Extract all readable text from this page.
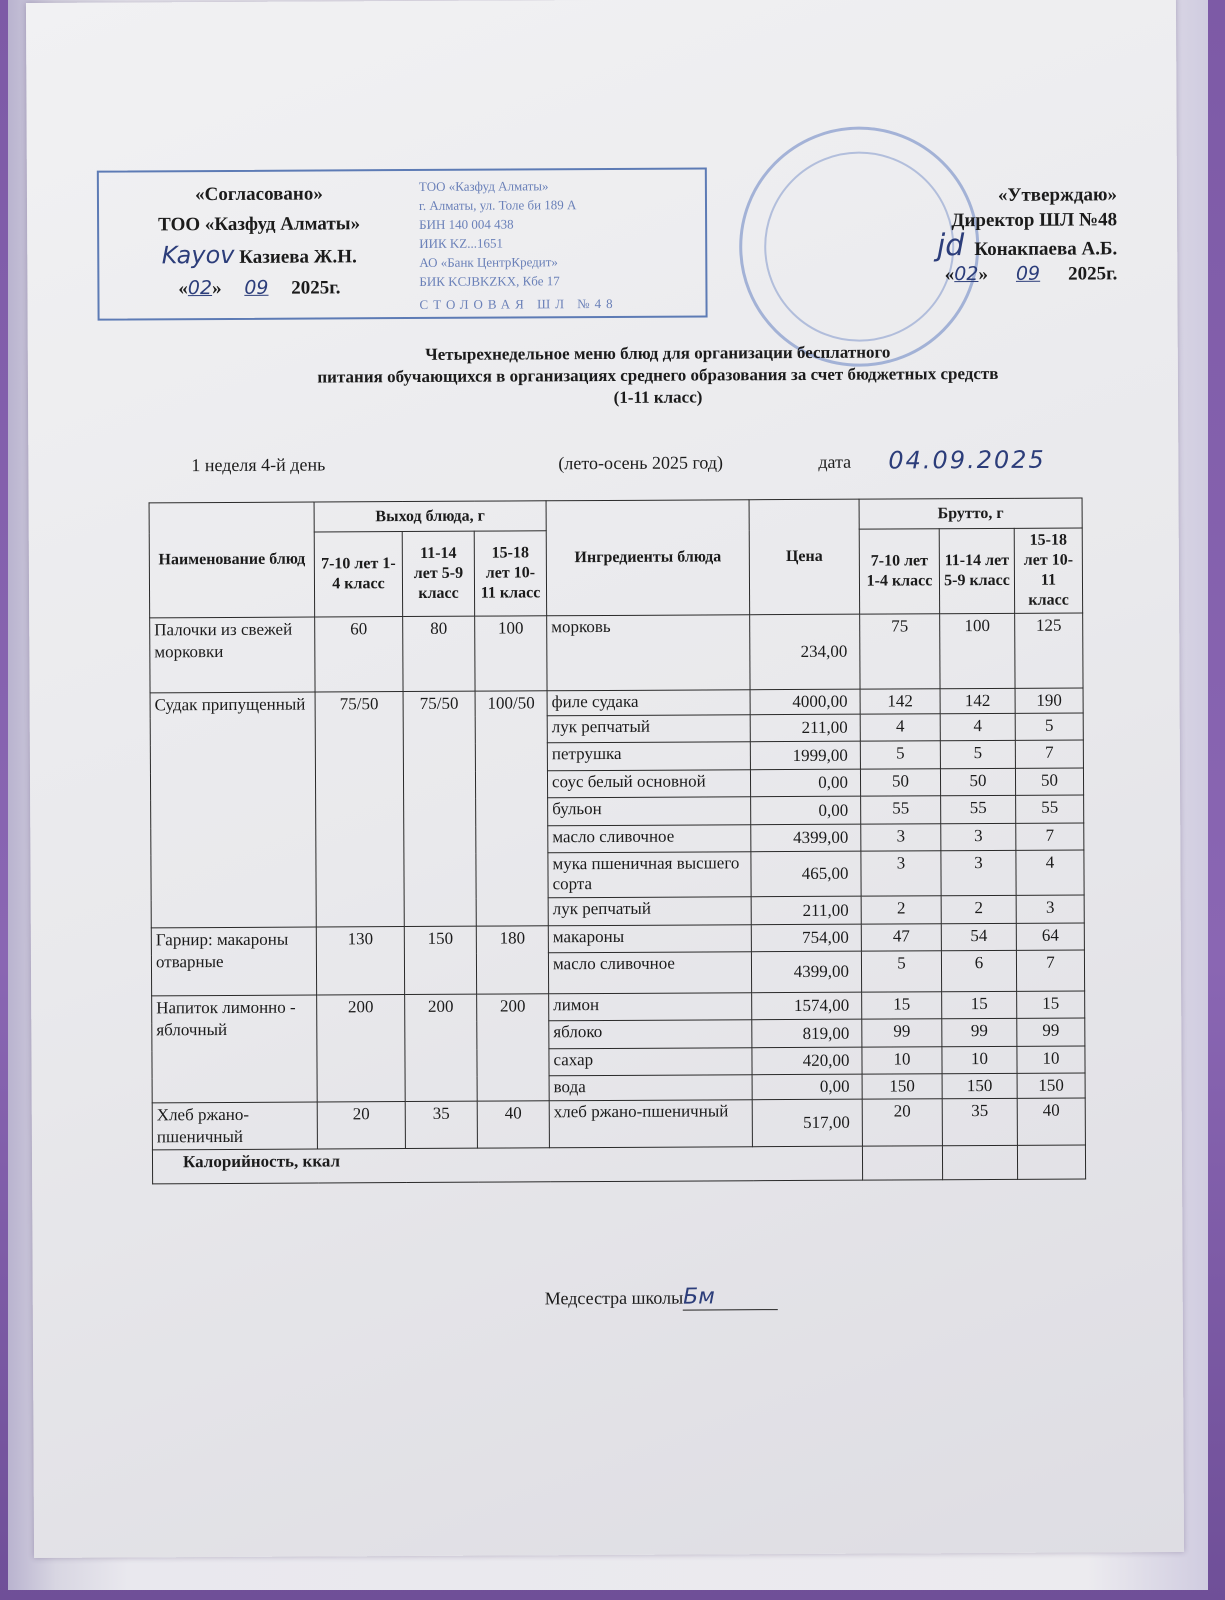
«Согласовано»
ТОО «Казфуд Алматы»
Kayov Казиева Ж.Н.
«02» 09 2025г.
ТОО «Казфуд Алматы»
г. Алматы, ул. Толе би 189 А
БИН 140 004 438
ИИК KZ...1651
АО «Банк ЦентрКредит»
БИК KCJBKZKX, Кбе 17
СТОЛОВАЯ ШЛ №48
«Утверждаю»
Директор ШЛ №48
jd Конакпаева А.Б.
«02» 09 2025г.
Четырехнедельное меню блюд для организации бесплатного
питания обучающихся в организациях среднего образования за счет бюджетных средств
(1-11 класс)
1 неделя 4-й день	(лето-осень 2025 год)	дата 04.09.2025
Наименование блюд	Выход блюда, г			Ингредиенты блюда	Цена	Брутто, г		
	7-10 лет 1-4 класс	11-14 лет 5-9 класс	15-18 лет 10-11 класс			7-10 лет 1-4 класс	11-14 лет 5-9 класс	15-18 лет 10-11 класс
Палочки из свежей морковки	60	80	100	морковь	234,00	75	100	125
Судак припущенный	75/50	75/50	100/50	филе судака	4000,00	142	142	190
				лук репчатый	211,00	4	4	5
				петрушка	1999,00	5	5	7
				соус белый основной	0,00	50	50	50
				бульон	0,00	55	55	55
				масло сливочное	4399,00	3	3	7
				мука пшеничная высшего сорта	465,00	3	3	4
				лук репчатый	211,00	2	2	3
Гарнир: макароны отварные	130	150	180	макароны	754,00	47	54	64
				масло сливочное	4399,00	5	6	7
Напиток лимонно - яблочный	200	200	200	лимон	1574,00	15	15	15
				яблоко	819,00	99	99	99
				сахар	420,00	10	10	10
				вода	0,00	150	150	150
Хлеб ржано-пшеничный	20	35	40	хлеб ржано-пшеничный	517,00	20	35	40
Калорийность, ккал								
Медсестра школыБм
